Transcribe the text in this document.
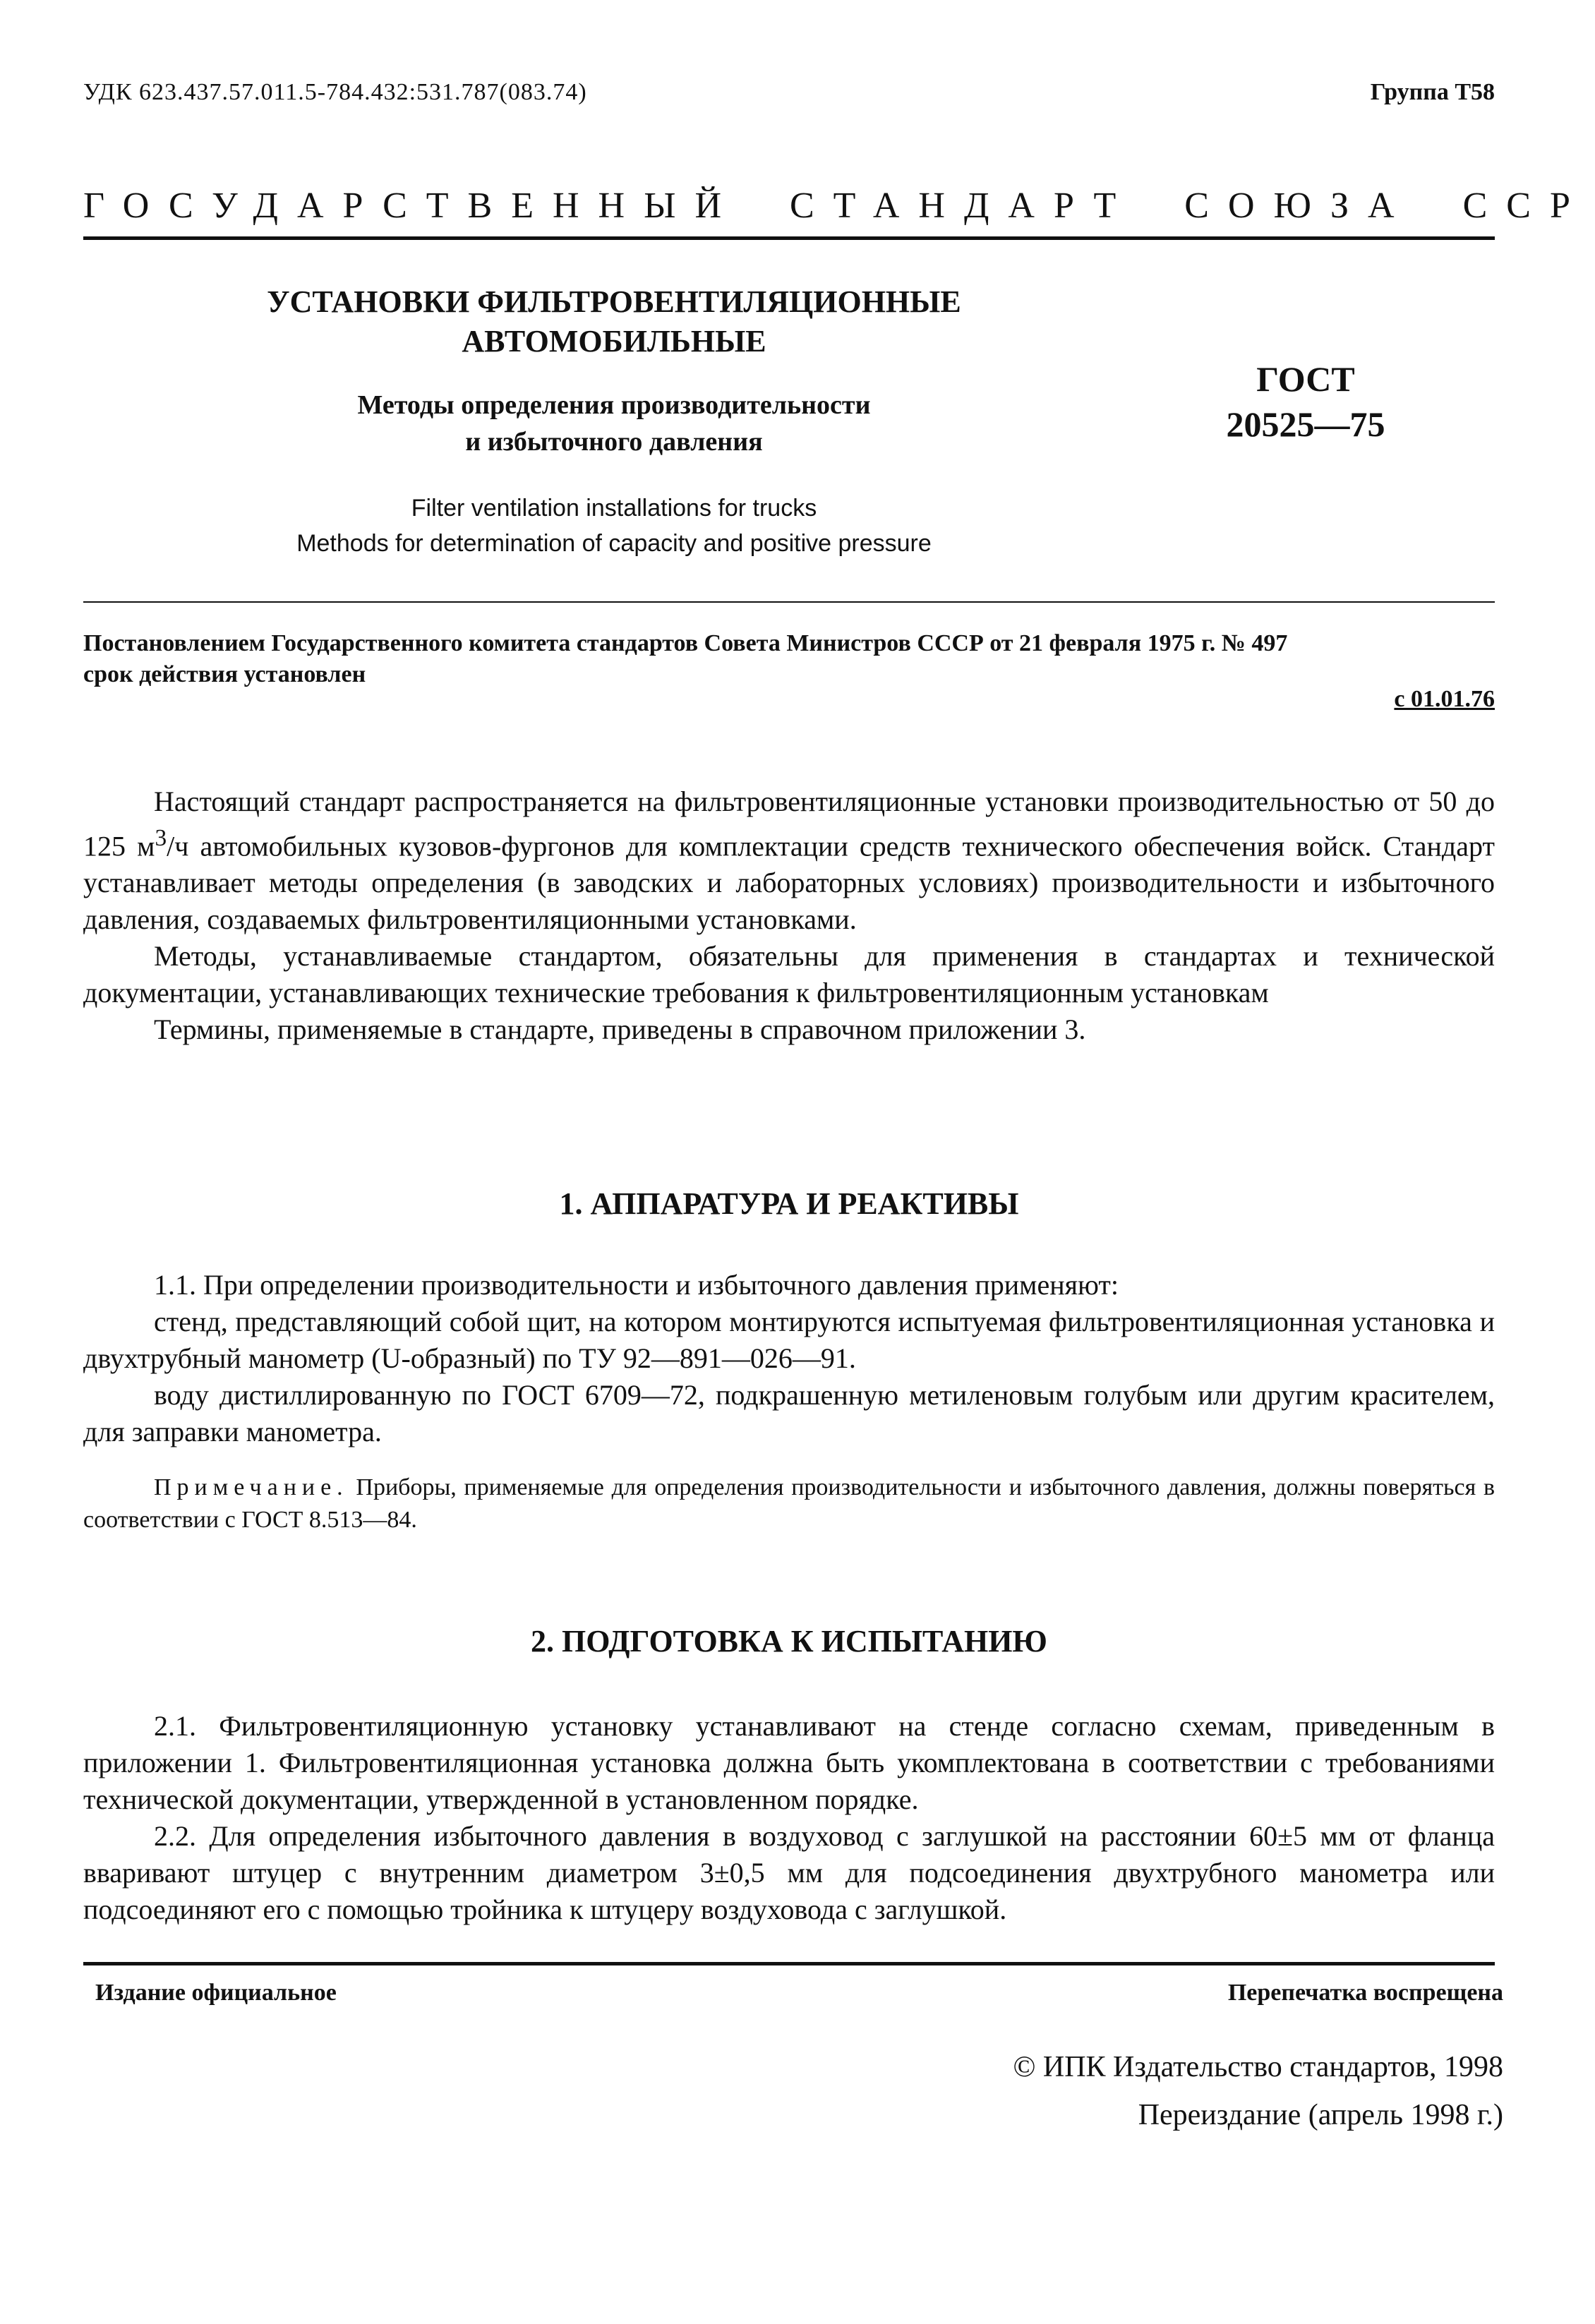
УДК 623.437.57.011.5-784.432:531.787(083.74)	Группа Т58
ГОСУДАРСТВЕННЫЙ СТАНДАРТ СОЮЗА ССР
УСТАНОВКИ ФИЛЬТРОВЕНТИЛЯЦИОННЫЕ
АВТОМОБИЛЬНЫЕ
Методы определения производительности
и избыточного давления
ГОСТ
20525—75
Filter ventilation installations for trucks
Methods for determination of capacity and positive pressure
Постановлением Государственного комитета стандартов Совета Министров СССР от 21 февраля 1975 г. № 497
срок действия установлен
с 01.01.76

Настоящий стандарт распространяется на фильтровентиляционные установки производительностью от 50 до 125 $м^3/ч$ автомобильных кузовов-фургонов для комплектации средств технического обеспечения войск. Стандарт устанавливает методы определения (в заводских и лабораторных условиях) производительности и избыточного давления, создаваемых фильтровентиляционными установками.

Методы, устанавливаемые стандартом, обязательны для применения в стандартах и технической документации, устанавливающих технические требования к фильтровентиляционным установкам

Термины, применяемые в стандарте, приведены в справочном приложении 3.

1. АППАРАТУРА И РЕАКТИВЫ

1.1. При определении производительности и избыточного давления применяют:

стенд, представляющий собой щит, на котором монтируются испытуемая фильтровентиляционная установка и двухтрубный манометр (U-образный) по ТУ 92—891—026—91.

воду дистиллированную по ГОСТ 6709—72, подкрашенную метиленовым голубым или другим красителем, для заправки манометра.

Примечание. Приборы, применяемые для определения производительности и избыточного давления, должны поверяться в соответствии с ГОСТ 8.513—84.
2. ПОДГОТОВКА К ИСПЫТАНИЮ

2.1. Фильтровентиляционную установку устанавливают на стенде согласно схемам, приведенным в приложении 1. Фильтровентиляционная установка должна быть укомплектована в соответствии с требованиями технической документации, утвержденной в установленном порядке.

2.2. Для определения избыточного давления в воздуховод с заглушкой на расстоянии 60±5 мм от фланца вваривают штуцер с внутренним диаметром 3±0,5 мм для подсоединения двухтрубного манометра или подсоединяют его с помощью тройника к штуцеру воздуховода с заглушкой.

Издание официальное	Перепечатка воспрещена
© ИПК Издательство стандартов, 1998
Переиздание (апрель 1998 г.)
